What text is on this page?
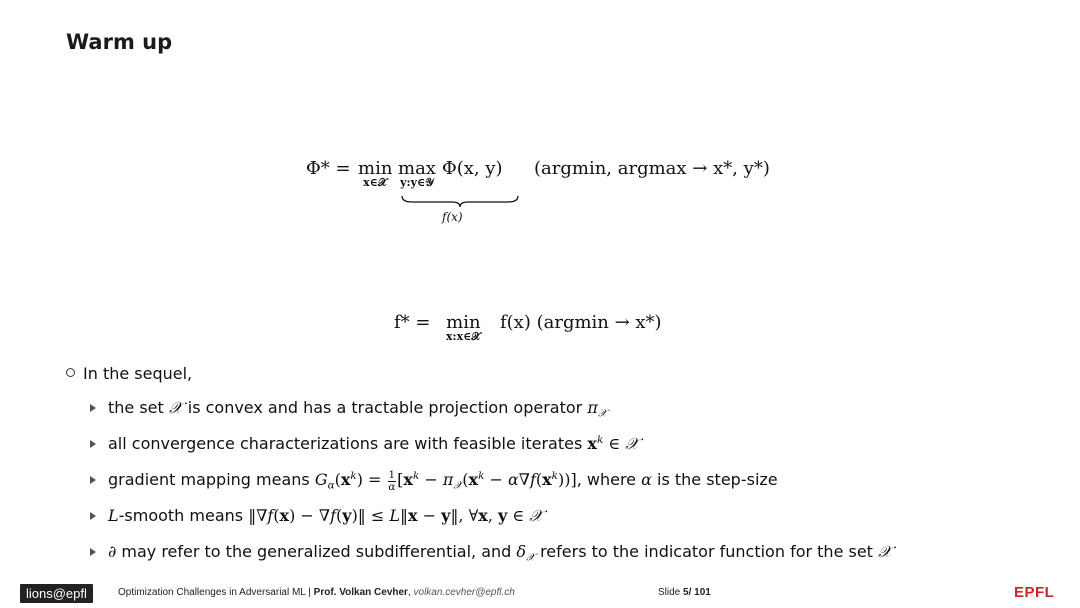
Warm up
Φ* = min
x∈𝒳
max
y:y∈𝒴
Φ(x, y) (argmin, argmax → x*, y*)
f(x)
f* = min
x:x∈𝒳
f(x) (argmin → x*)
In the sequel,
the set 𝒳 is convex and has a tractable projection operator $\pi_𝒳$
all convergence characterizations are with feasible iterates $x^k$ ∈ 𝒳
gradient mapping means $G_\alpha(x^k) = \frac{1}{\alpha} [x^k - \pi_𝒳(x^k - \alpha\nabla f(x^k))]$, where α is the step-size
L-smooth means ‖∇f(x) − ∇f(y)‖ ≤ L‖x − y‖, ∀x, y ∈ 𝒳
∂ may refer to the generalized subdifferential, and $\delta_𝒳$ refers to the indicator function for the set 𝒳
lions@epfl	Optimization Challenges in Adversarial ML | Prof. Volkan Cevher, volkan.cevher@epfl.ch	Slide 5/ 101	EPFL
